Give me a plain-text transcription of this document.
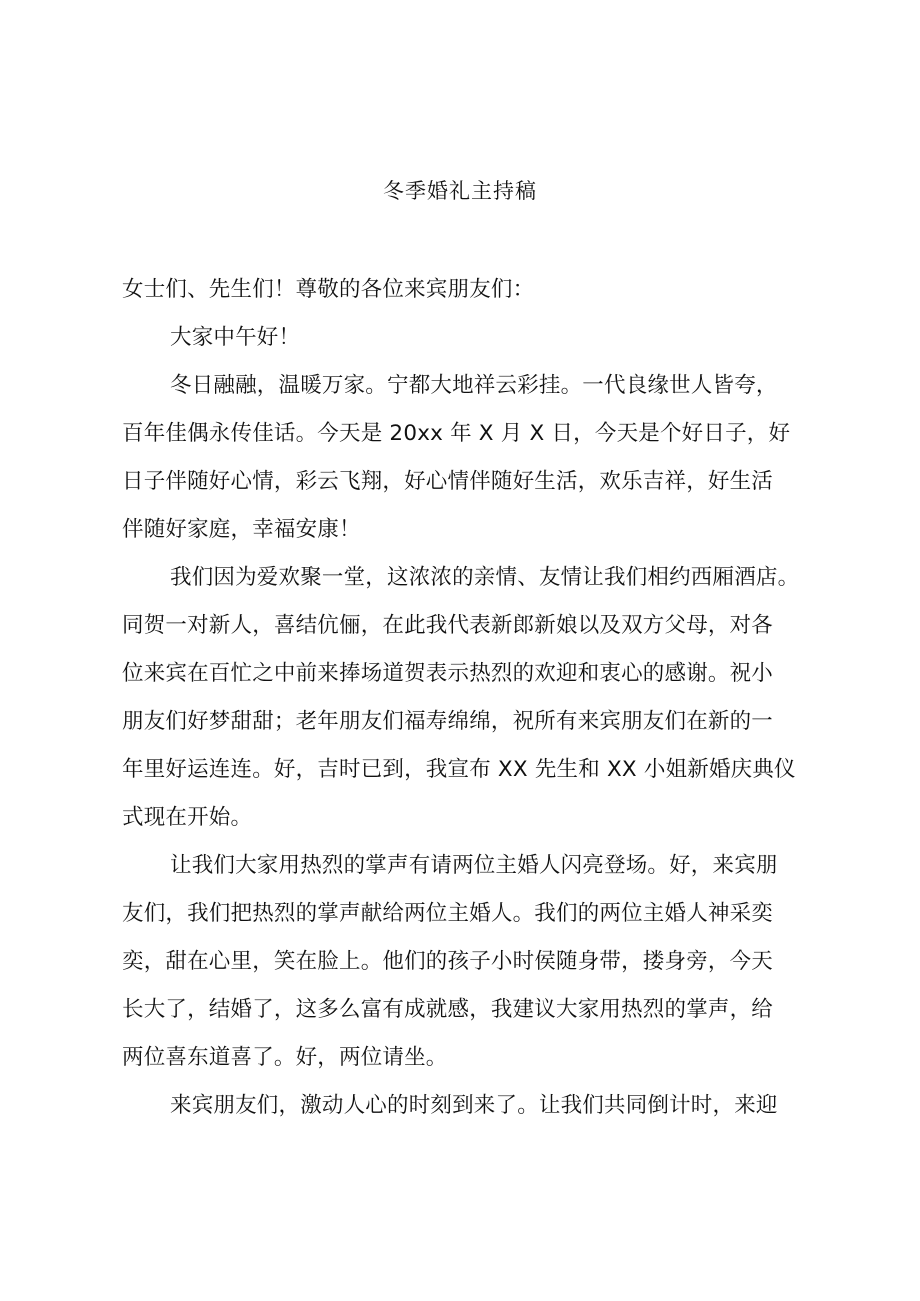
冬季婚礼主持稿
女士们、先生们！尊敬的各位来宾朋友们：
大家中午好！
冬日融融，温暖万家。宁都大地祥云彩挂。一代良缘世人皆夸，
百年佳偶永传佳话。今天是 20xx 年 X 月 X 日，今天是个好日子，好
日子伴随好心情，彩云飞翔，好心情伴随好生活，欢乐吉祥，好生活
伴随好家庭，幸福安康！
我们因为爱欢聚一堂，这浓浓的亲情、友情让我们相约西厢酒店。
同贺一对新人，喜结伉俪，在此我代表新郎新娘以及双方父母，对各
位来宾在百忙之中前来捧场道贺表示热烈的欢迎和衷心的感谢。祝小
朋友们好梦甜甜；老年朋友们福寿绵绵，祝所有来宾朋友们在新的一
年里好运连连。好，吉时已到，我宣布 XX 先生和 XX 小姐新婚庆典仪
式现在开始。
让我们大家用热烈的掌声有请两位主婚人闪亮登场。好，来宾朋
友们，我们把热烈的掌声献给两位主婚人。我们的两位主婚人神采奕
奕，甜在心里，笑在脸上。他们的孩子小时侯随身带，搂身旁，今天
长大了，结婚了，这多么富有成就感，我建议大家用热烈的掌声，给
两位喜东道喜了。好，两位请坐。
来宾朋友们，激动人心的时刻到来了。让我们共同倒计时，来迎
